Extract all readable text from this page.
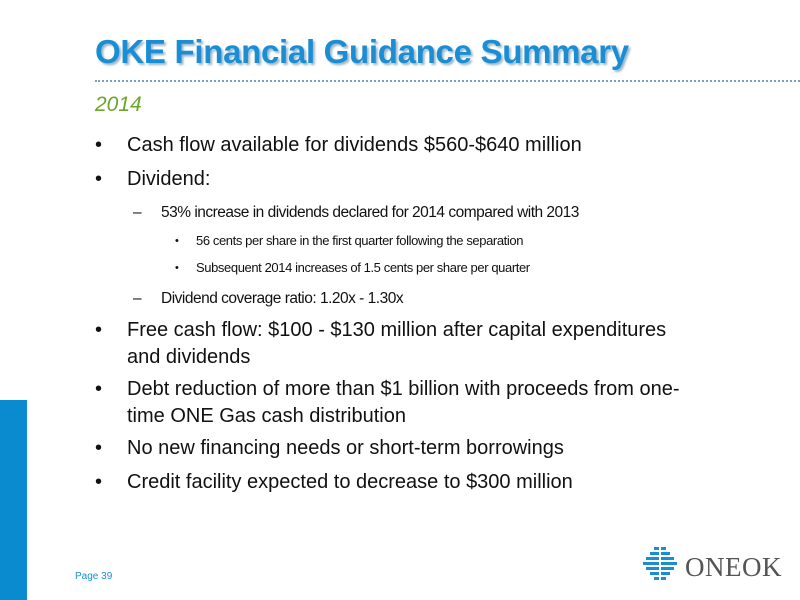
OKE Financial Guidance Summary
2014
• Cash flow available for dividends $560-$640 million
• Dividend:
– 53% increase in dividends declared for 2014 compared with 2013
• 56 cents per share in the first quarter following the separation
• Subsequent 2014 increases of 1.5 cents per share per quarter
– Dividend coverage ratio: 1.20x - 1.30x
• Free cash flow: $100 - $130 million after capital expenditures
and dividends
• Debt reduction of more than $1 billion with proceeds from one-
time ONE Gas cash distribution
• No new financing needs or short-term borrowings
• Credit facility expected to decrease to $300 million
Page 39	ONEOK
